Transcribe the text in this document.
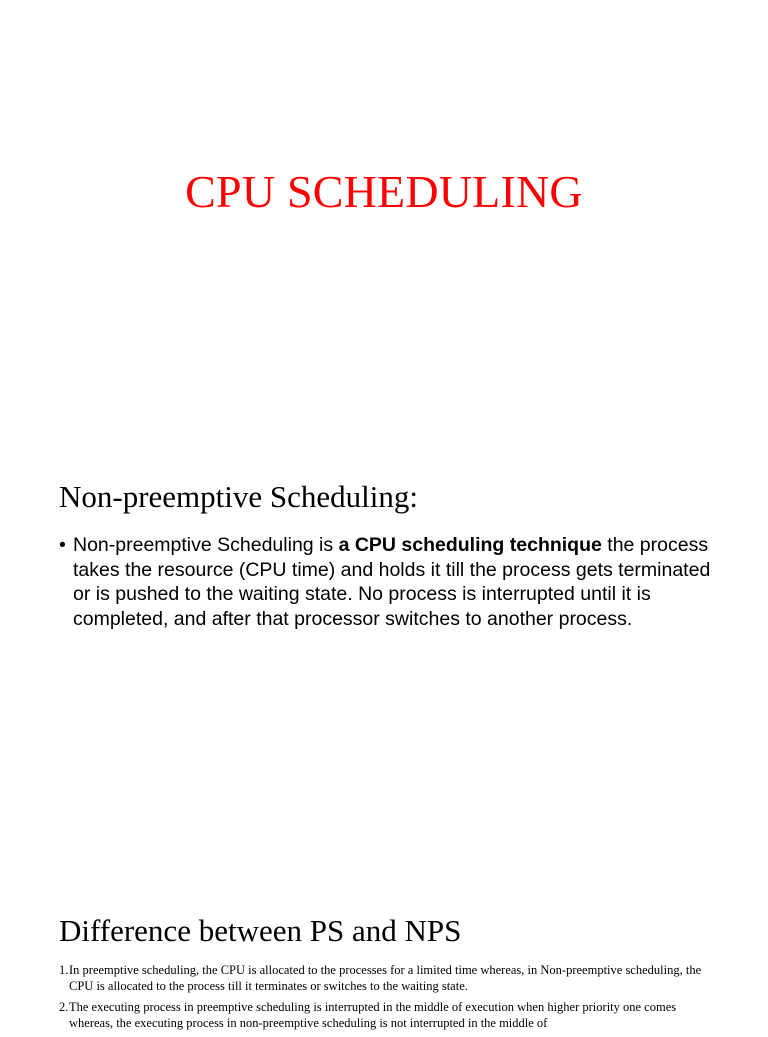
CPU SCHEDULING
Non-preemptive Scheduling:
• Non-preemptive Scheduling is a CPU scheduling technique the process takes the resource (CPU time) and holds it till the process gets terminated or is pushed to the waiting state. No process is interrupted until it is completed, and after that processor switches to another process.
Difference between PS and NPS
1. In preemptive scheduling, the CPU is allocated to the processes for a limited time whereas, in Non-preemptive scheduling, the CPU is allocated to the process till it terminates or switches to the waiting state.
2. The executing process in preemptive scheduling is interrupted in the middle of execution when higher priority one comes whereas, the executing process in non-preemptive scheduling is not interrupted in the middle of
